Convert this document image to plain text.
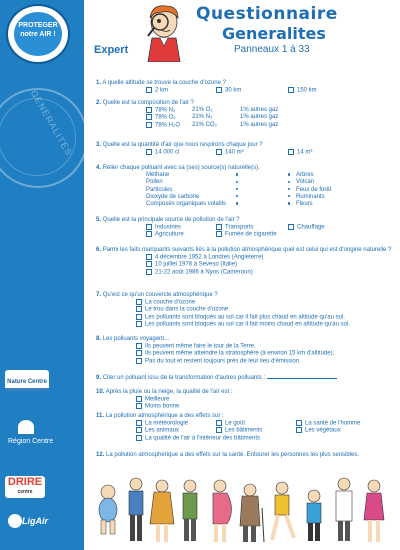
GENERALITES
PROTEGER notre AIR !
Nature Centre
Région Centre
DRIRE
centre
LigAir
Expert
Questionnaire
Generalites
Panneaux 1 à 33
1. A quelle altitude se trouve la couche d'ozone ?
2 km	30 km	150 km
2. Quelle est la composition de l'air ?
78% N₂	21% O₂	1% autres gaz
78% O₂	21% N₂	1% autres gaz
78% H₂O 21% CO₂	1% autres gaz
3. Quelle est la quantité d'air que nous respirons chaque jour ?
14 000 cl	140 m³	14 m³
4. Relier chaque polluant avec sa (ses) source(s) naturelle(s).
Méthane	Arbres
Pollen	Volcan
Particules	Feux de forêt
Dioxyde de carbone	Ruminants
Composés organiques volatils	Fleurs
5. Quelle est la principale source de pollution de l'air ?
Industries	Transports	Chauffage
Agriculture	Fumée de cigarette
6. Parmi les faits marquants suivants liés à la pollution atmosphérique quel est celui qui est d'origine naturelle ?
4 décembre 1952 à Londres (Angleterre)
10 juillet 1976 à Seveso (Italie)
21-22 août 1986 à Nyos (Cameroun)
7. Qu'est ce qu'un couvercle atmosphérique ?
La couche d'ozone
Le trou dans la couche d'ozone
Les polluants sont bloqués au sol car il fait plus chaud en altitude qu'au sol.
Les polluants sont bloqués au sol car il fait moins chaud en altitude qu'au sol.
8. Les polluants voyagent...
Ils peuvent même faire le tour de la Terre.
Ils peuvent même atteindre la stratosphère (à environ 15 km d'altitude).
Pas du tout et restent toujours près de leur lieu d'émission.
9. Citer un polluant issu de la transformation d'autres polluants :
10. Après la pluie ou la neige, la qualité de l'air est :
Meilleure
Moins bonne
11. La pollution atmosphérique a des effets sur :
La météorologie	Le goût	La santé de l'homme
Les animaux	Les bâtiments	Les végétaux
La qualité de l'air à l'intérieur des bâtiments
12. La pollution atmosphérique a des effets sur la santé. Entourer les personnes les plus sensibles.
